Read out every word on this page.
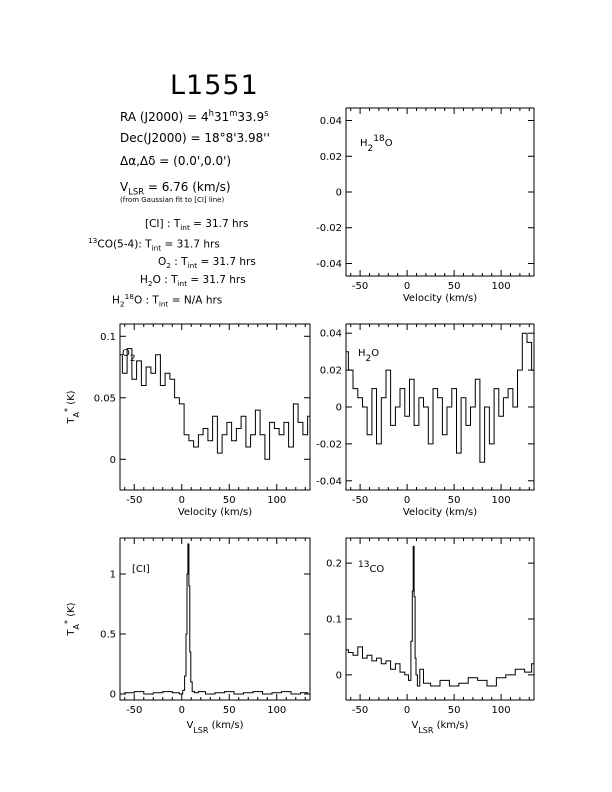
L1551
RA $(J2000) = 4^h31^m33.9^s$
Dec(J2000) = 18°8'3.98''
Δα,Δδ = (0.0',0.0')
$V_{LSR} = 6.76$ (km/s)
(from Gaussian fit to [CI] line)
[CI] : $T_{int} = 31.7$ hrs
$^{13}$CO(5-4): $T_{int} = 31.7$ hrs
$O_2$ : $T_{int} = 31.7$ hrs
$H_2O$ : $T_{int} = 31.7$ hrs
$H_2^{18}O$ : $T_{int} = N/A$ hrs
-50	0	50	100
-0.04
-0.02
0
0.02
0.04
Velocity (km/s)
$H_2^{18}O$
-50	0	50	100
0
0.05
0.1
Velocity (km/s)
$T_A^*$ (K)
$O_2$
-50	0	50	100
-0.04
-0.02
0
0.02
0.04
Velocity (km/s)
$H_2O$
-50	0	50	100
0
0.5
1
$V_{LSR}$ (km/s)
$T_A^*$ (K)
[CI]
-50	0	50	100
0
0.1
0.2
$V_{LSR}$ (km/s)
$^{13}$CO
